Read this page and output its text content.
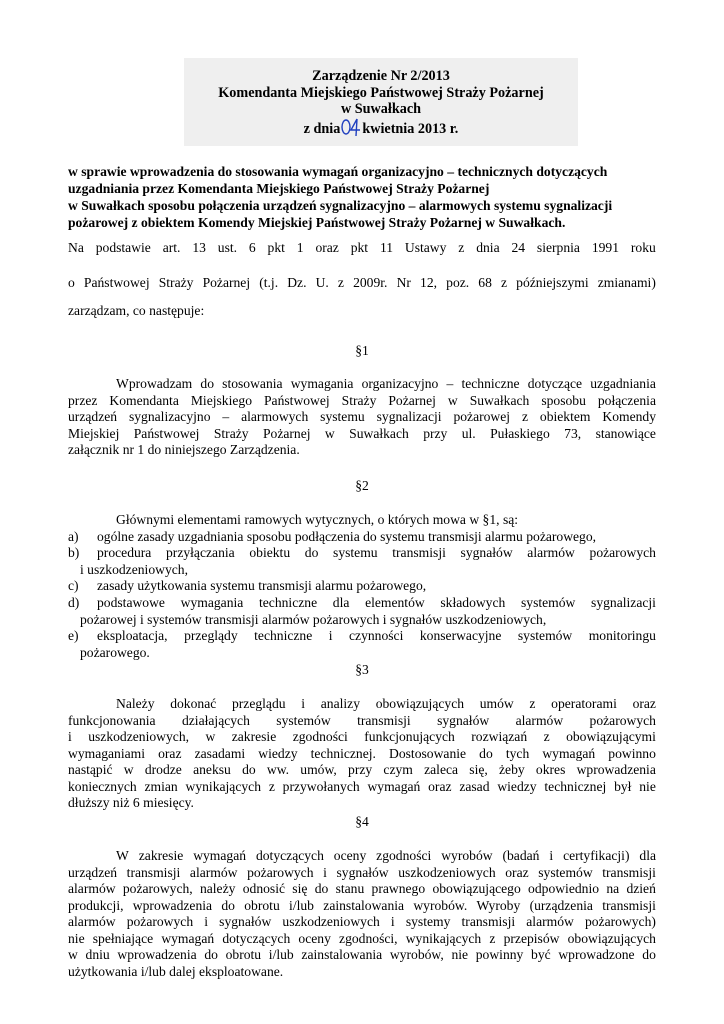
Zarządzenie Nr 2/2013
Komendanta Miejskiego Państwowej Straży Pożarnej
w Suwałkach
z dnia kwietnia 2013 r.
w sprawie wprowadzenia do stosowania wymagań organizacyjno – technicznych dotyczących
uzgadniania przez Komendanta Miejskiego Państwowej Straży Pożarnej
w Suwałkach sposobu połączenia urządzeń sygnalizacyjno – alarmowych systemu sygnalizacji
pożarowej z obiektem Komendy Miejskiej Państwowej Straży Pożarnej w Suwałkach.
Na podstawie art. 13 ust. 6 pkt 1 oraz pkt 11 Ustawy z dnia 24 sierpnia 1991 roku
o Państwowej Straży Pożarnej (t.j. Dz. U. z 2009r. Nr 12, poz. 68 z późniejszymi zmianami)
zarządzam, co następuje:
§1
Wprowadzam do stosowania wymagania organizacyjno – techniczne dotyczące uzgadniania
przez Komendanta Miejskiego Państwowej Straży Pożarnej w Suwałkach sposobu połączenia
urządzeń sygnalizacyjno – alarmowych systemu sygnalizacji pożarowej z obiektem Komendy
Miejskiej Państwowej Straży Pożarnej w Suwałkach przy ul. Pułaskiego 73, stanowiące
załącznik nr 1 do niniejszego Zarządzenia.
§2
Głównymi elementami ramowych wytycznych, o których mowa w §1, są:
a) ogólne zasady uzgadniania sposobu podłączenia do systemu transmisji alarmu pożarowego,
b) procedura przyłączania obiektu do systemu transmisji sygnałów alarmów pożarowych
i uszkodzeniowych,
c) zasady użytkowania systemu transmisji alarmu pożarowego,
d) podstawowe wymagania techniczne dla elementów składowych systemów sygnalizacji
pożarowej i systemów transmisji alarmów pożarowych i sygnałów uszkodzeniowych,
e) eksploatacja, przeglądy techniczne i czynności konserwacyjne systemów monitoringu
pożarowego.
§3
Należy dokonać przeglądu i analizy obowiązujących umów z operatorami oraz
funkcjonowania działających systemów transmisji sygnałów alarmów pożarowych
i uszkodzeniowych, w zakresie zgodności funkcjonujących rozwiązań z obowiązującymi
wymaganiami oraz zasadami wiedzy technicznej. Dostosowanie do tych wymagań powinno
nastąpić w drodze aneksu do ww. umów, przy czym zaleca się, żeby okres wprowadzenia
koniecznych zmian wynikających z przywołanych wymagań oraz zasad wiedzy technicznej był nie
dłuższy niż 6 miesięcy.
§4
W zakresie wymagań dotyczących oceny zgodności wyrobów (badań i certyfikacji) dla
urządzeń transmisji alarmów pożarowych i sygnałów uszkodzeniowych oraz systemów transmisji
alarmów pożarowych, należy odnosić się do stanu prawnego obowiązującego odpowiednio na dzień
produkcji, wprowadzenia do obrotu i/lub zainstalowania wyrobów. Wyroby (urządzenia transmisji
alarmów pożarowych i sygnałów uszkodzeniowych i systemy transmisji alarmów pożarowych)
nie spełniające wymagań dotyczących oceny zgodności, wynikających z przepisów obowiązujących
w dniu wprowadzenia do obrotu i/lub zainstalowania wyrobów, nie powinny być wprowadzone do
użytkowania i/lub dalej eksploatowane.
